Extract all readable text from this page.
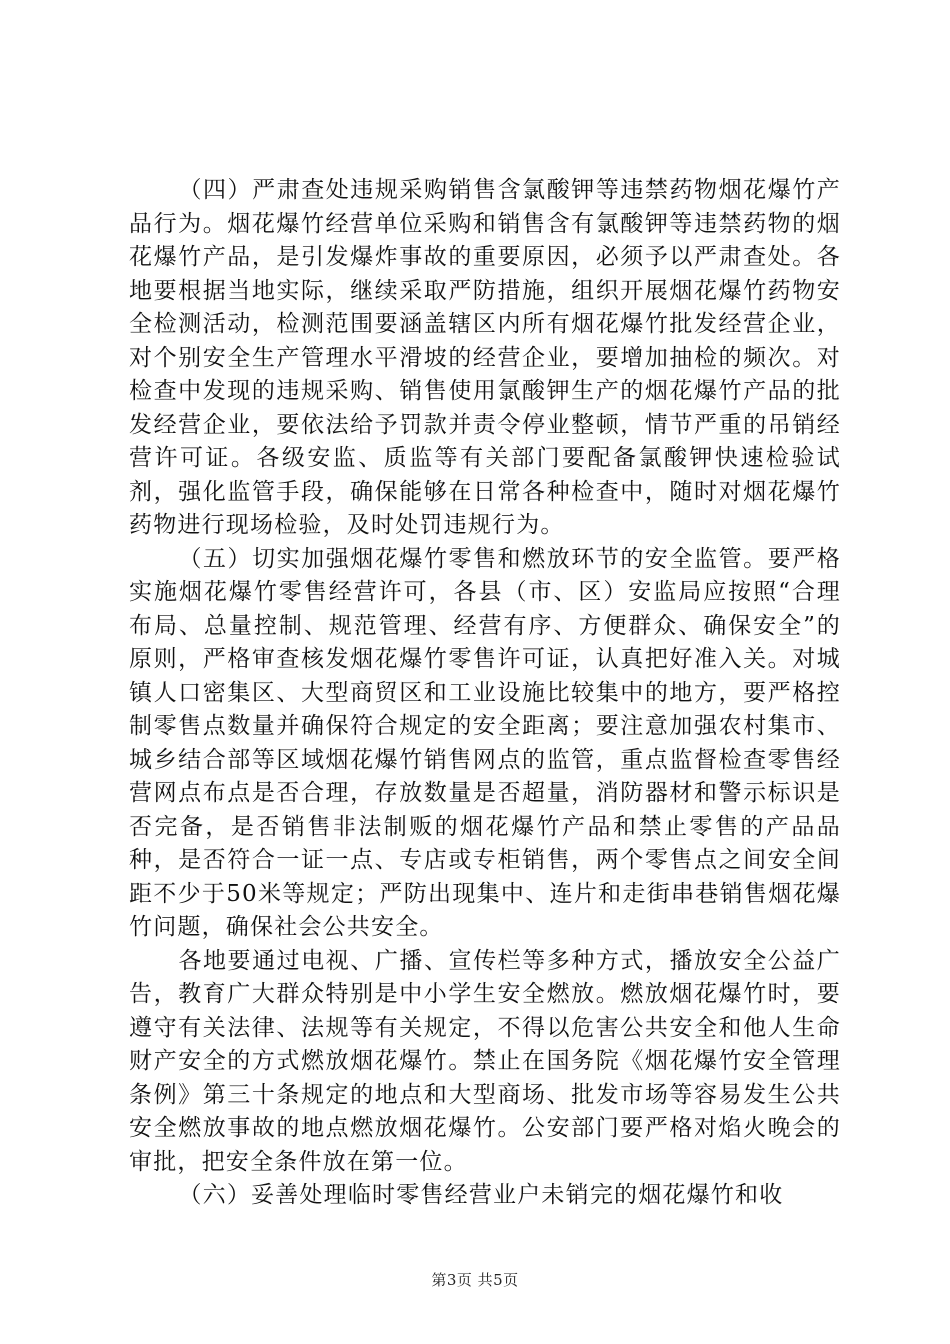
（四）严肃查处违规采购销售含氯酸钾等违禁药物烟花爆竹产品行为。烟花爆竹经营单位采购和销售含有氯酸钾等违禁药物的烟花爆竹产品，是引发爆炸事故的重要原因，必须予以严肃查处。各地要根据当地实际，继续采取严防措施，组织开展烟花爆竹药物安全检测活动，检测范围要涵盖辖区内所有烟花爆竹批发经营企业，对个别安全生产管理水平滑坡的经营企业，要增加抽检的频次。对检查中发现的违规采购、销售使用氯酸钾生产的烟花爆竹产品的批发经营企业，要依法给予罚款并责令停业整顿，情节严重的吊销经营许可证。各级安监、质监等有关部门要配备氯酸钾快速检验试剂，强化监管手段，确保能够在日常各种检查中，随时对烟花爆竹药物进行现场检验，及时处罚违规行为。

（五）切实加强烟花爆竹零售和燃放环节的安全监管。要严格实施烟花爆竹零售经营许可，各县（市、区）安监局应按照“合理布局、总量控制、规范管理、经营有序、方便群众、确保安全”的原则，严格审查核发烟花爆竹零售许可证，认真把好准入关。对城镇人口密集区、大型商贸区和工业设施比较集中的地方，要严格控制零售点数量并确保符合规定的安全距离；要注意加强农村集市、城乡结合部等区域烟花爆竹销售网点的监管，重点监督检查零售经营网点布点是否合理，存放数量是否超量，消防器材和警示标识是否完备，是否销售非法制贩的烟花爆竹产品和禁止零售的产品品种，是否符合一证一点、专店或专柜销售，两个零售点之间安全间距不少于50米等规定；严防出现集中、连片和走街串巷销售烟花爆竹问题，确保社会公共安全。

各地要通过电视、广播、宣传栏等多种方式，播放安全公益广告，教育广大群众特别是中小学生安全燃放。燃放烟花爆竹时，要遵守有关法律、法规等有关规定，不得以危害公共安全和他人生命财产安全的方式燃放烟花爆竹。禁止在国务院《烟花爆竹安全管理条例》第三十条规定的地点和大型商场、批发市场等容易发生公共安全燃放事故的地点燃放烟花爆竹。公安部门要严格对焰火晚会的审批，把安全条件放在第一位。

（六）妥善处理临时零售经营业户未销完的烟花爆竹和收

第3页 共5页
